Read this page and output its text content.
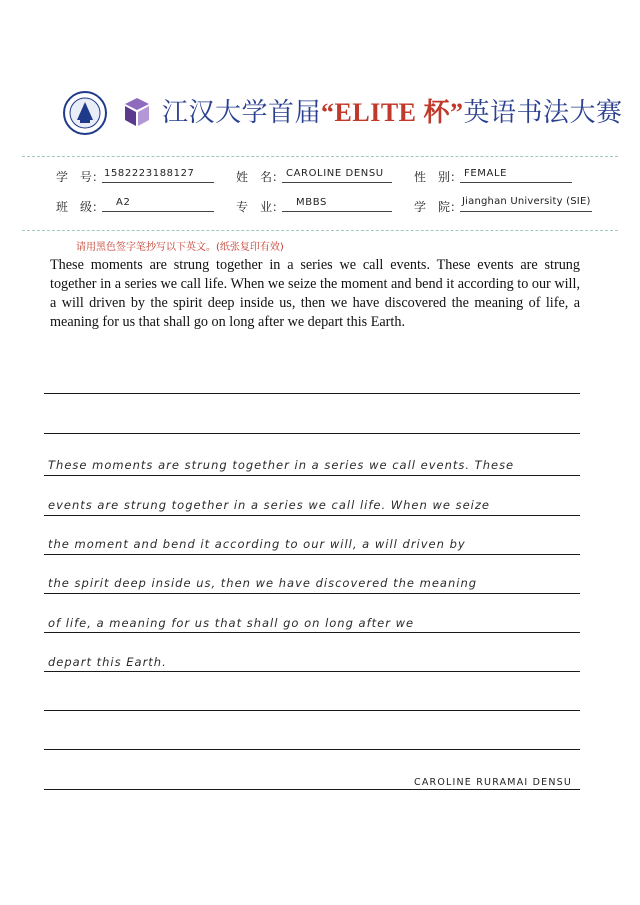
江汉大学首届“ELITE 杯”英语书法大赛
学　号： 1582223188127	姓　名： CAROLINE DENSU	性　别： FEMALE
班　级： A2	专　业： MBBS	学　院： Jianghan University (SIE)
请用黑色签字笔抄写以下英文。(纸张复印有效)

These moments are strung together in a series we call events. These events are strung together in a series we call life. When we seize the moment and bend it according to our will, a will driven by the spirit deep inside us, then we have discovered the meaning of life, a meaning for us that shall go on long after we depart this Earth.

These moments are strung together in a series we call events. These
events are strung together in a series we call life. When we seize
the moment and bend it according to our will, a will driven by
the spirit deep inside us, then we have discovered the meaning
of life, a meaning for us that shall go on long after we
depart this Earth.
CAROLINE RURAMAI DENSU
